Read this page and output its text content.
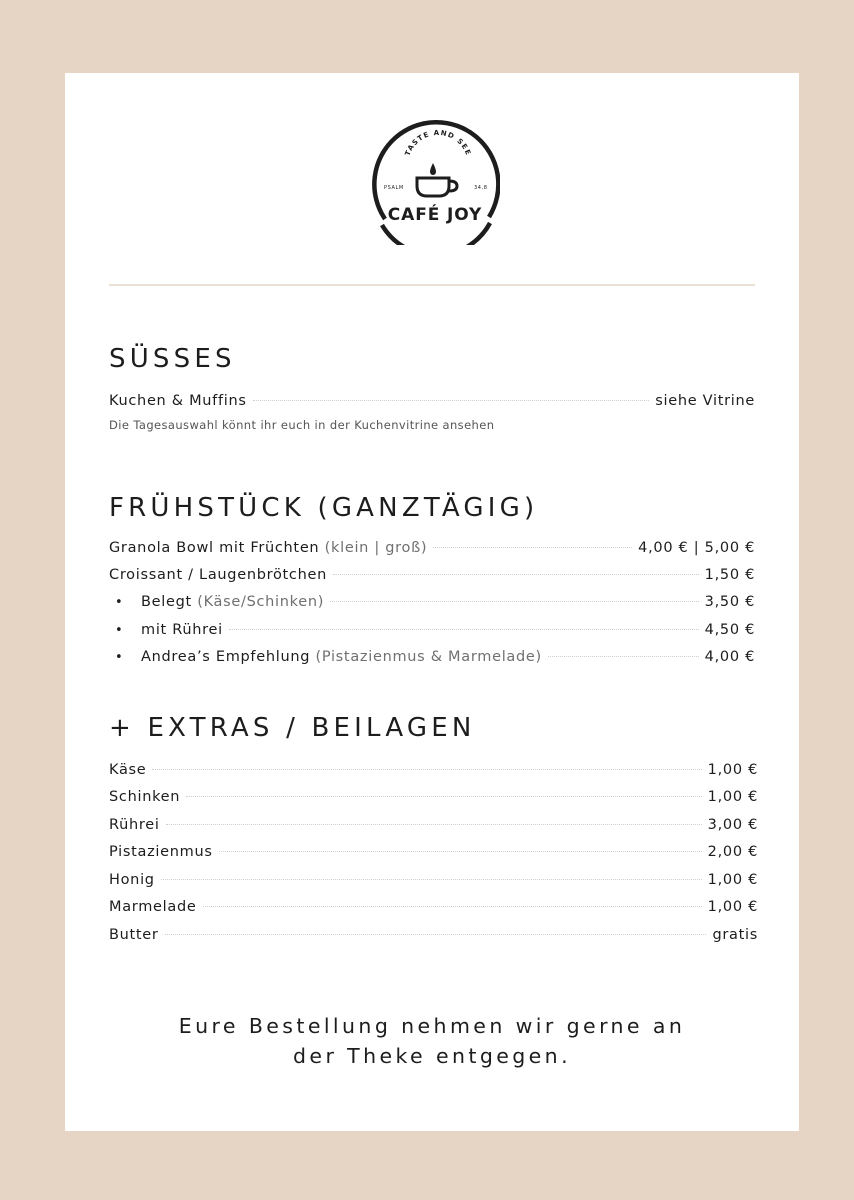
TASTE AND SEE
PSALM	34,8
CAFÉ JOY
SÜSSES
Kuchen & Muffins	siehe Vitrine
Die Tagesauswahl könnt ihr euch in der Kuchenvitrine ansehen
FRÜHSTÜCK (GANZTÄGIG)
Granola Bowl mit Früchten (klein | groß)	4,00 € | 5,00 €
Croissant / Laugenbrötchen	1,50 €
• Belegt (Käse/Schinken)	3,50 €
• mit Rührei	4,50 €
• Andrea’s Empfehlung (Pistazienmus & Marmelade)	4,00 €
+ EXTRAS / BEILAGEN
Käse	1,00 €
Schinken	1,00 €
Rührei	3,00 €
Pistazienmus	2,00 €
Honig	1,00 €
Marmelade	1,00 €
Butter	gratis
Eure Bestellung nehmen wir gerne an
der Theke entgegen.
